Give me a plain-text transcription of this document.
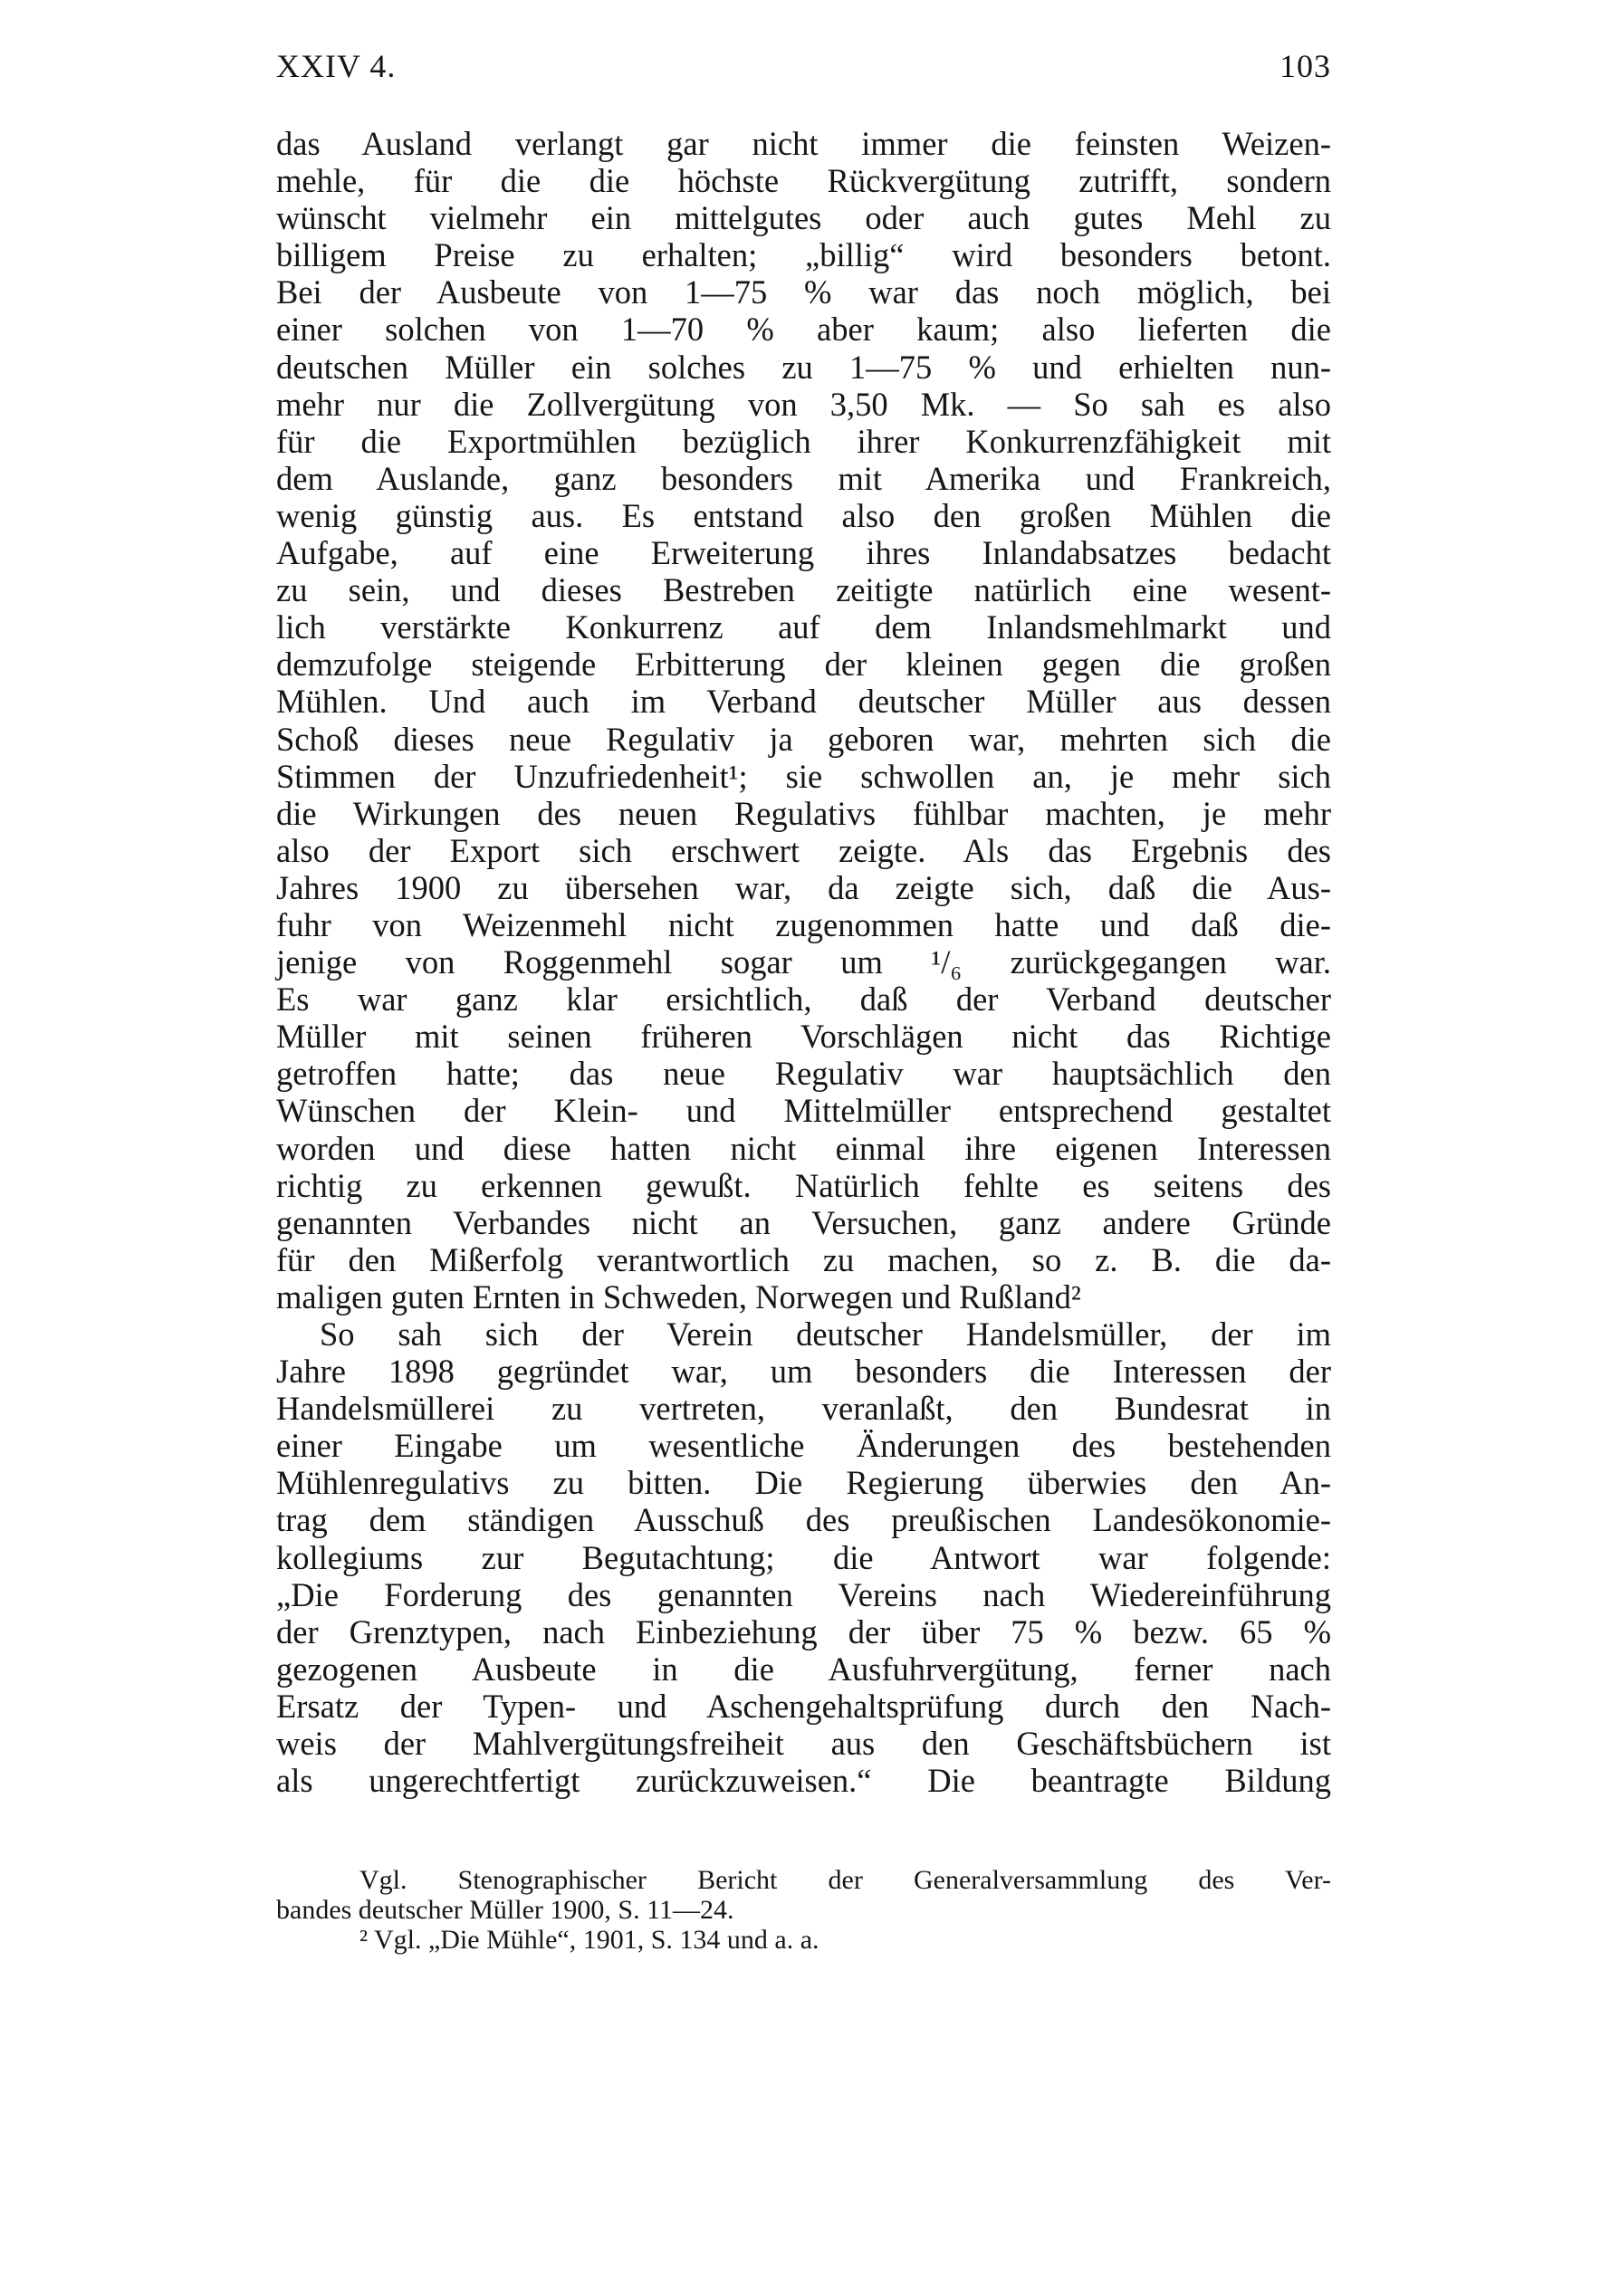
XXIV 4.	103
das Ausland verlangt gar nicht immer die feinsten Weizen-
mehle, für die die höchste Rückvergütung zutrifft, sondern
wünscht vielmehr ein mittelgutes oder auch gutes Mehl zu
billigem Preise zu erhalten; „billig“ wird besonders betont.
Bei der Ausbeute von 1—75 % war das noch möglich, bei
einer solchen von 1—70 % aber kaum; also lieferten die
deutschen Müller ein solches zu 1—75 % und erhielten nun-
mehr nur die Zollvergütung von 3,50 Mk. — So sah es also
für die Exportmühlen bezüglich ihrer Konkurrenzfähigkeit mit
dem Auslande, ganz besonders mit Amerika und Frankreich,
wenig günstig aus. Es entstand also den großen Mühlen die
Aufgabe, auf eine Erweiterung ihres Inlandabsatzes bedacht
zu sein, und dieses Bestreben zeitigte natürlich eine wesent-
lich verstärkte Konkurrenz auf dem Inlandsmehlmarkt und
demzufolge steigende Erbitterung der kleinen gegen die großen
Mühlen. Und auch im Verband deutscher Müller aus dessen
Schoß dieses neue Regulativ ja geboren war, mehrten sich die
Stimmen der Unzufriedenheit¹; sie schwollen an, je mehr sich
die Wirkungen des neuen Regulativs fühlbar machten, je mehr
also der Export sich erschwert zeigte. Als das Ergebnis des
Jahres 1900 zu übersehen war, da zeigte sich, daß die Aus-
fuhr von Weizenmehl nicht zugenommen hatte und daß die-
jenige von Roggenmehl sogar um ¹/₆ zurückgegangen war.
Es war ganz klar ersichtlich, daß der Verband deutscher
Müller mit seinen früheren Vorschlägen nicht das Richtige
getroffen hatte; das neue Regulativ war hauptsächlich den
Wünschen der Klein- und Mittelmüller entsprechend gestaltet
worden und diese hatten nicht einmal ihre eigenen Interessen
richtig zu erkennen gewußt. Natürlich fehlte es seitens des
genannten Verbandes nicht an Versuchen, ganz andere Gründe
für den Mißerfolg verantwortlich zu machen, so z. B. die da-
maligen guten Ernten in Schweden, Norwegen und Rußland²
So sah sich der Verein deutscher Handelsmüller, der im
Jahre 1898 gegründet war, um besonders die Interessen der
Handelsmüllerei zu vertreten, veranlaßt, den Bundesrat in
einer Eingabe um wesentliche Änderungen des bestehenden
Mühlenregulativs zu bitten. Die Regierung überwies den An-
trag dem ständigen Ausschuß des preußischen Landesökonomie-
kollegiums zur Begutachtung; die Antwort war folgende:
„Die Forderung des genannten Vereins nach Wiedereinführung
der Grenztypen, nach Einbeziehung der über 75 % bezw. 65 %
gezogenen Ausbeute in die Ausfuhrvergütung, ferner nach
Ersatz der Typen- und Aschengehaltsprüfung durch den Nach-
weis der Mahlvergütungsfreiheit aus den Geschäftsbüchern ist
als ungerechtfertigt zurückzuweisen.“ Die beantragte Bildung
Vgl. Stenographischer Bericht der Generalversammlung des Ver-
bandes deutscher Müller 1900, S. 11—24.
² Vgl. „Die Mühle“, 1901, S. 134 und a. a.
